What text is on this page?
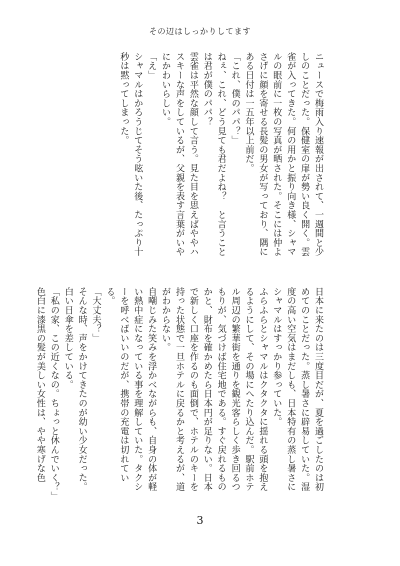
その辺はしっかりしてます
ニュースで梅雨入り速報が出されて、一週間と少しのことだった。保健室の扉が勢い良く開く。雲雀が入ってきた。何の用かと振り向き様、シャマルの眼前に一枚の写真が晒された。そこには仲よさげに顔を寄せる長髪の男女が写っており、隅にある日付は一五年以上前だ。
「これ、僕のパパ？」
ねぇ、これ、どう見ても君だよね？　と言うことは君が僕のパパ？
雲雀は平然な顔して言う。見た目を思えばややハスキーな声をしているが、父親を表す言葉がいやにかわいらしい。
「え」
シャマルはかろうじてそう呟いた後、たっぷり十秒は黙ってしまった。
日本に来たのは三度目だが、夏を過ごしたのは初めてのことだった。蒸し暑さに辟易していた。湿度の高い空気はまだしも、日本特有の蒸し暑さにシャマルはすっかり参っていた。
ふらふらとシャマルはクタクタに揺れる頭を抱えるようにして、その場にへたり込んだ。駅前ホテル周辺の繁華街を通りを観光客らしく歩き回るつもりが、気づけば住宅地である。すぐ戻れるものかと、財布を確かめたら日本円が足りない。日本で新しく口座を作るのも面倒で、ホテルのキーを持った状態で一旦ホテルに戻るかと考えるが、道がわからない。
自嘲じみた笑みを浮かべながらも、自身の体が軽い熱中症になっている事を理解していた。タクシーを呼べばいいのだが、携帯の充電は切れている。
「大丈夫？」
そんな時、声をかけてきたのが幼い少女だった。白い日傘を差している。
「私の家、この近くなの。ちょっと休んでいく？」
色白に漆黒の髪が美しい女性は、やや寒げな色
3
